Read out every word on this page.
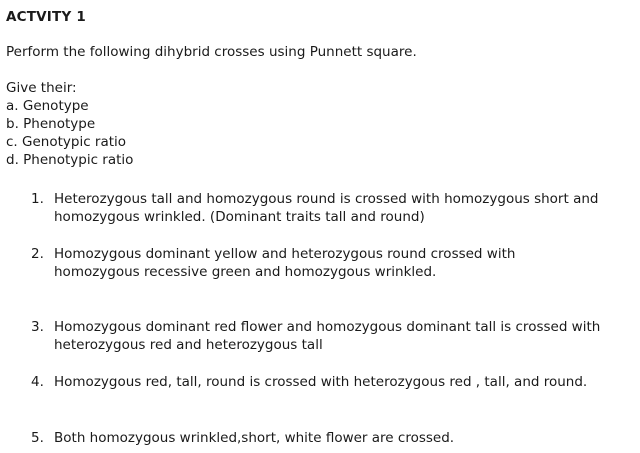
ACTVITY 1
Perform the following dihybrid crosses using Punnett square.
Give their:
a. Genotype
b. Phenotype
c. Genotypic ratio
d. Phenotypic ratio
1. Heterozygous tall and homozygous round is crossed with homozygous short and
homozygous wrinkled. (Dominant traits tall and round)
2. Homozygous dominant yellow and heterozygous round crossed with
homozygous recessive green and homozygous wrinkled.
3. Homozygous dominant red flower and homozygous dominant tall is crossed with
heterozygous red and heterozygous tall
4. Homozygous red, tall, round is crossed with heterozygous red , tall, and round.
5. Both homozygous wrinkled,short, white flower are crossed.
